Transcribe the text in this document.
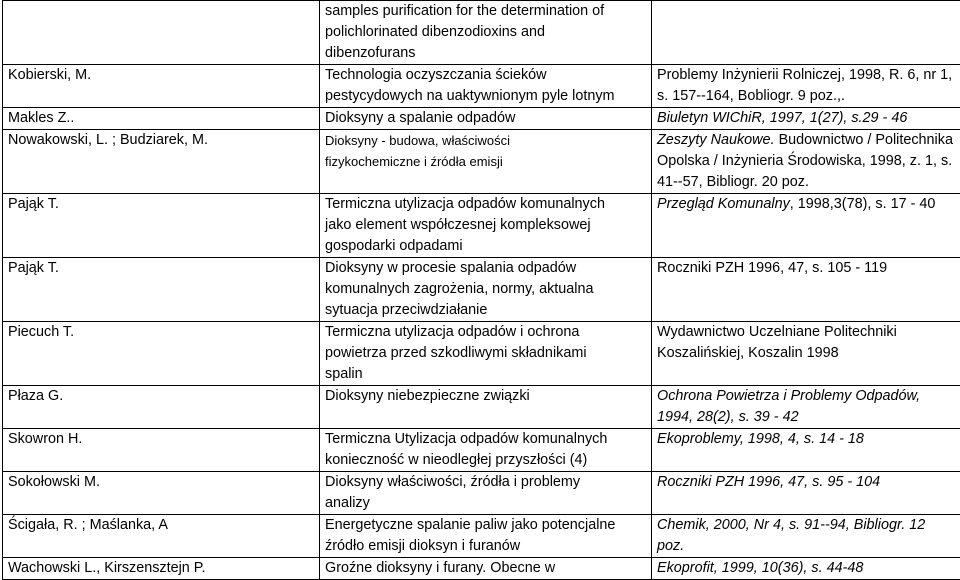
	samples purification for the determination of
polichlorinated dibenzodioxins and
dibenzofurans	

Kobierski, M.	Technologia oczyszczania ścieków
pestycydowych na uaktywnionym pyle lotnym	Problemy Inżynierii Rolniczej, 1998, R. 6, nr 1,
s. 157--164, Bobliogr. 9 poz.,.

Makles Z..	Dioksyny a spalanie odpadów	Biuletyn WIChiR, 1997, 1(27), s.29 - 46

Nowakowski, L. ; Budziarek, M.	Dioksyny - budowa, właściwości
fizykochemiczne i źródła emisji	Zeszyty Naukowe. Budownictwo / Politechnika
Opolska / Inżynieria Środowiska, 1998, z. 1, s.
41--57, Bibliogr. 20 poz.

Pająk T.	Termiczna utylizacja odpadów komunalnych
jako element współczesnej kompleksowej
gospodarki odpadami	Przegląd Komunalny, 1998,3(78), s. 17 - 40

Pająk T.	Dioksyny w procesie spalania odpadów
komunalnych zagrożenia, normy, aktualna
sytuacja przeciwdziałanie	Roczniki PZH 1996, 47, s. 105 - 119

Piecuch T.	Termiczna utylizacja odpadów i ochrona
powietrza przed szkodliwymi składnikami
spalin	Wydawnictwo Uczelniane Politechniki
Koszalińskiej, Koszalin 1998

Płaza G.	Dioksyny niebezpieczne związki	Ochrona Powietrza i Problemy Odpadów,
1994, 28(2), s. 39 - 42

Skowron H.	Termiczna Utylizacja odpadów komunalnych
konieczność w nieodległej przyszłości (4)	Ekoproblemy, 1998, 4, s. 14 - 18

Sokołowski M.	Dioksyny właściwości, źródła i problemy
analizy	Roczniki PZH 1996, 47, s. 95 - 104

Ścigała, R. ; Maślanka, A	Energetyczne spalanie paliw jako potencjalne
źródło emisji dioksyn i furanów	Chemik, 2000, Nr 4, s. 91--94, Bibliogr. 12
poz.

Wachowski L., Kirszensztejn P.	Groźne dioksyny i furany. Obecne w	Ekoprofit, 1999, 10(36), s. 44-48
